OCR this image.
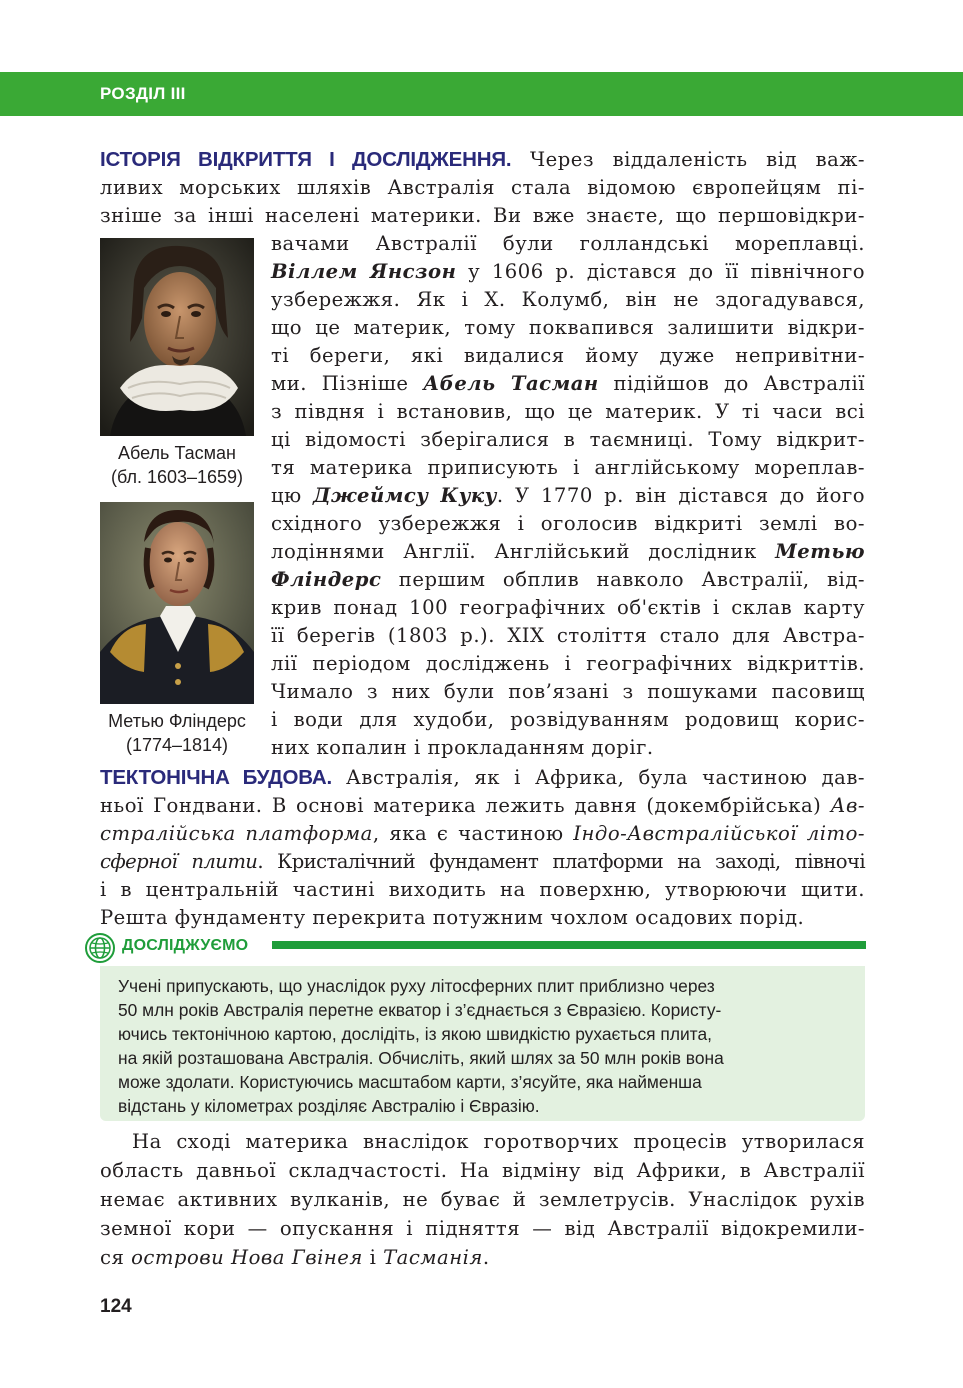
РОЗДІЛ III
ІСТОРІЯ ВІДКРИТТЯ І ДОСЛІДЖЕННЯ. Через віддаленість від важ-
ливих морських шляхів Австралія стала відомою європейцям пі-
зніше за інші населені материки. Ви вже знаєте, що першовідкри-
вачами Австралії були голландські мореплавці.
Віллем Янсзон у 1606 р. дістався до її північного
узбережжя. Як і Х. Колумб, він не здогадувався,
що це материк, тому поквапився залишити відкри-
ті береги, які видалися йому дуже непривітни-
ми. Пізніше Абель Тасман підійшов до Австралії
з півдня і встановив, що це материк. У ті часи всі
ці відомості зберігалися в таємниці. Тому відкрит-
тя материка приписують і англійському мореплав-
цю Джеймсу Куку. У 1770 р. він дістався до його
східного узбережжя і оголосив відкриті землі во-
лодіннями Англії. Англійський дослідник Метью
Фліндерс першим обплив навколо Австралії, від-
крив понад 100 географічних об'єктів і склав карту
її берегів (1803 р.). XIX століття стало для Австра-
лії періодом досліджень і географічних відкриттів.
Чимало з них були пов’язані з пошуками пасовищ
і води для худоби, розвідуванням родовищ корис-
них копалин і прокладанням доріг.
Абель Тасман
(бл. 1603–1659)
Метью Фліндерс
(1774–1814)
ТЕКТОНІЧНА БУДОВА. Австралія, як і Африка, була частиною дав-
ньої Гондвани. В основі материка лежить давня (докембрійська) Ав-
стралійська платформа, яка є частиною Індо-Австралійської літо-
сферної плити. Кристалічний фундамент платформи на заході, півночі
і в центральній частині виходить на поверхню, утворюючи щити.
Решта фундаменту перекрита потужним чохлом осадових порід.
ДОСЛІДЖУЄМО
Учені припускають, що унаслідок руху літосферних плит приблизно через
50 млн років Австралія перетне екватор і з’єднається з Євразією. Користу-
ючись тектонічною картою, дослідіть, із якою швидкістю рухається плита,
на якій розташована Австралія. Обчисліть, який шлях за 50 млн років вона
може здолати. Користуючись масштабом карти, з’ясуйте, яка найменша
відстань у кілометрах розділяє Австралію і Євразію.
На сході материка внаслідок горотворчих процесів утворилася
область давньої складчастості. На відміну від Африки, в Австралії
немає активних вулканів, не буває й землетрусів. Унаслідок рухів
земної кори — опускання і підняття — від Австралії відокремили-
ся острови Нова Гвінея і Тасманія.
124
